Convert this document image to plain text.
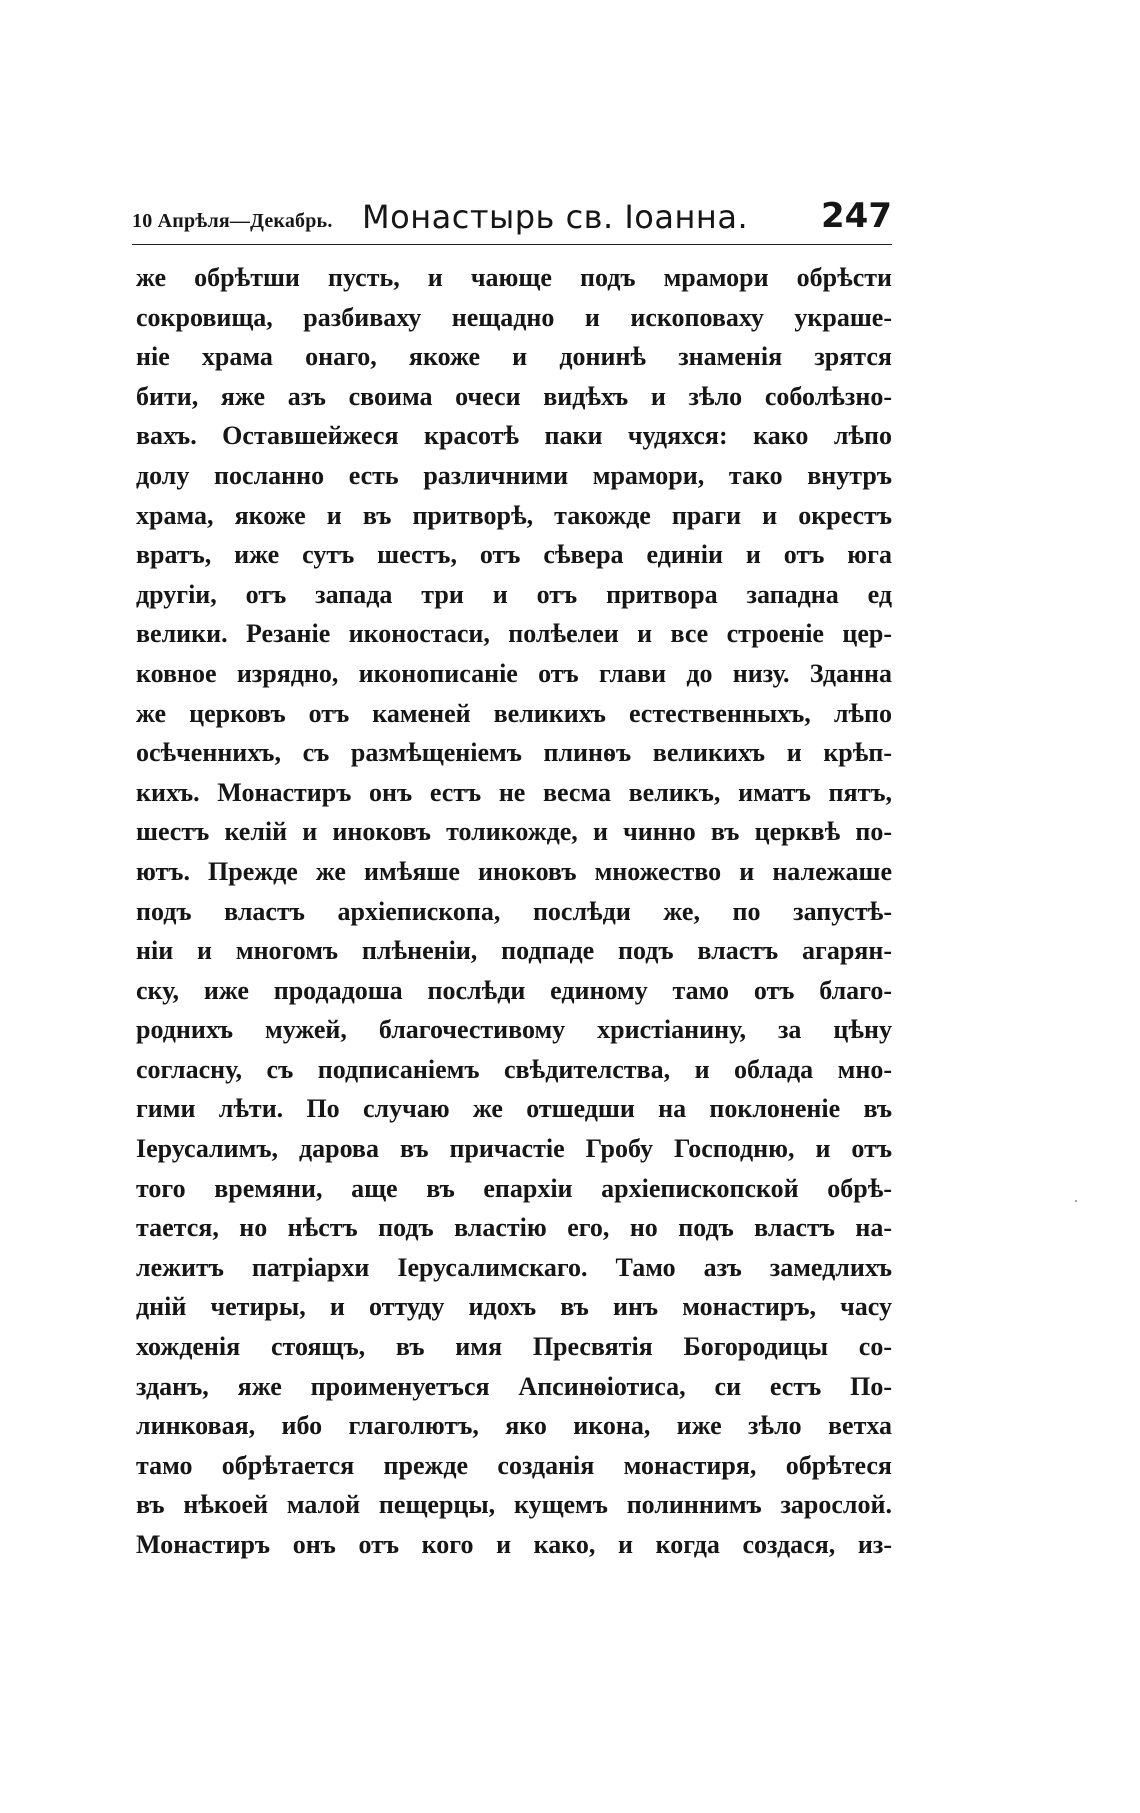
10 Апрѣля—Декабрь. Монастырь св. Іоанна. 247
же обрѣтши пусть, и чающе подъ мрамори обрѣсти
сокровища, разбиваху нещадно и ископоваху украше-
ніе храма онаго, якоже и донинѣ знаменія зрятся
бити, яже азъ своима очеси видѣхъ и зѣло соболѣзно-
вахъ. Оставшейжеся красотѣ паки чудяхся: како лѣпо
долу посланно есть различними мрамори, тако внутръ
храма, якоже и въ притворѣ, такожде праги и окрестъ
вратъ, иже сутъ шестъ, отъ сѣвера единіи и отъ юга
другіи, отъ запада три и отъ притвора западна ед
велики. Резаніе иконостаси, полѣелеи и все строеніе цер-
ковное изрядно, иконописаніе отъ глави до низу. Зданна
же церковъ отъ каменей великихъ естественныхъ, лѣпо
осѣченнихъ, съ размѣщеніемъ плинѳъ великихъ и крѣп-
кихъ. Монастиръ онъ естъ не весма великъ, иматъ пятъ,
шестъ келій и иноковъ толикожде, и чинно въ церквѣ по-
ютъ. Прежде же имѣяше иноковъ множество и належаше
подъ властъ архіепископа, послѣди же, по запустѣ-
ніи и многомъ плѣненіи, подпаде подъ властъ агарян-
ску, иже продадоша послѣди единому тамо отъ благо-
роднихъ мужей, благочестивому христіанину, за цѣну
согласну, съ подписаніемъ свѣдителства, и облада мно-
гими лѣти. По случаю же отшедши на поклоненіе въ
Іерусалимъ, дарова въ причастіе Гробу Господню, и отъ
того времяни, аще въ епархіи архіепископской обрѣ-
тается, но нѣстъ подъ властію его, но подъ властъ на-
лежитъ патріархи Іерусалимскаго. Тамо азъ замедлихъ
днiй четиры, и оттуду идохъ въ инъ монастиръ, часу
хожденія стоящъ, въ имя Пресвятія Богородицы со-
зданъ, яже проименуетъся Апсинѳіотиса, си естъ По-
линковая, ибо глаголютъ, яко икона, иже зѣло ветха
тамо обрѣтается прежде созданія монастиря, обрѣтеся
въ нѣкоей малой пещерцы, кущемъ полиннимъ зарослой.
Монастиръ онъ отъ кого и како, и когда создася, из-
